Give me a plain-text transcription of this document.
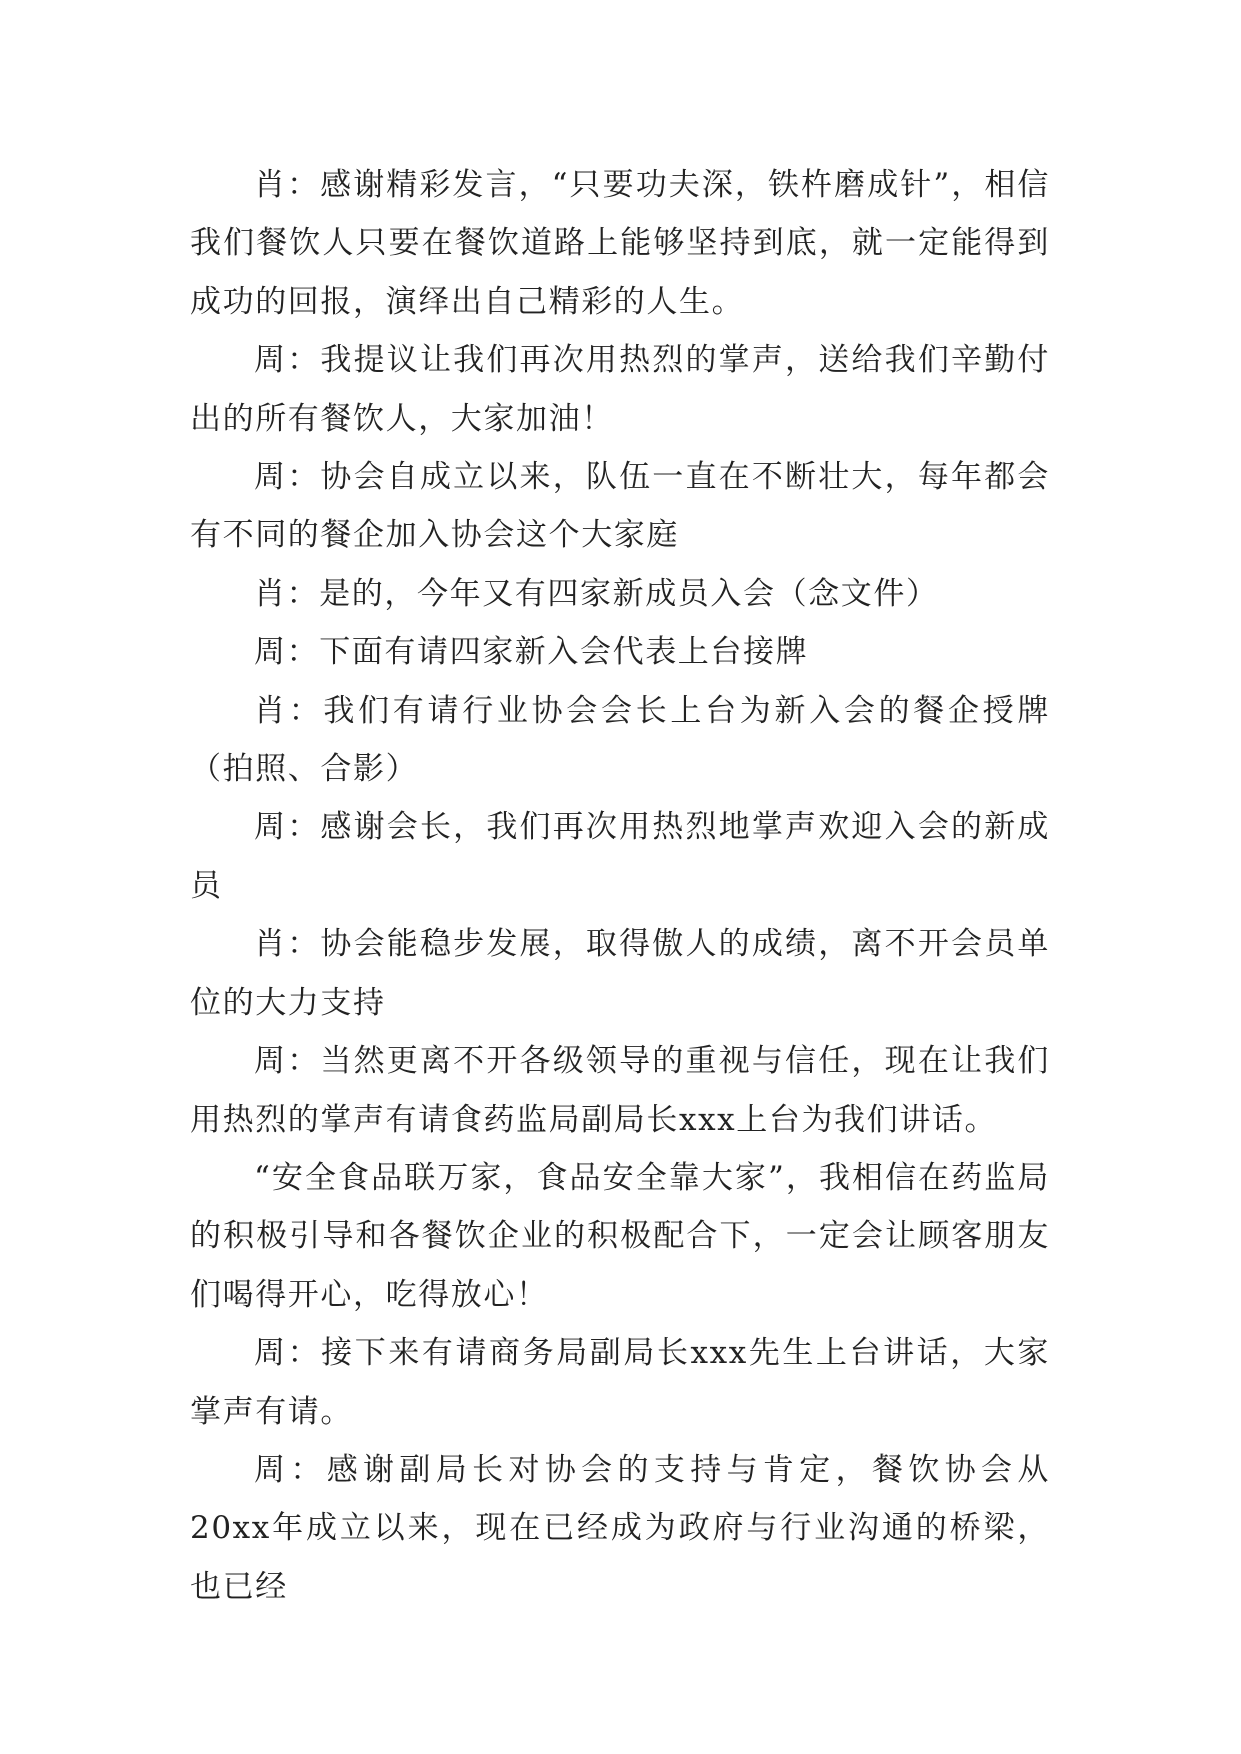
肖：感谢精彩发言，“只要功夫深，铁杵磨成针”，相信我们餐饮人只要在餐饮道路上能够坚持到底，就一定能得到成功的回报，演绎出自己精彩的人生。

周：我提议让我们再次用热烈的掌声，送给我们辛勤付出的所有餐饮人，大家加油！

周：协会自成立以来，队伍一直在不断壮大，每年都会有不同的餐企加入协会这个大家庭

肖：是的，今年又有四家新成员入会（念文件）

周：下面有请四家新入会代表上台接牌

肖：我们有请行业协会会长上台为新入会的餐企授牌（拍照、合影）

周：感谢会长，我们再次用热烈地掌声欢迎入会的新成员

肖：协会能稳步发展，取得傲人的成绩，离不开会员单位的大力支持

周：当然更离不开各级领导的重视与信任，现在让我们用热烈的掌声有请食药监局副局长xxx上台为我们讲话。

“安全食品联万家，食品安全靠大家”，我相信在药监局的积极引导和各餐饮企业的积极配合下，一定会让顾客朋友们喝得开心，吃得放心！

周：接下来有请商务局副局长xxx先生上台讲话，大家掌声有请。

周：感谢副局长对协会的支持与肯定，餐饮协会从20xx年成立以来，现在已经成为政府与行业沟通的桥梁，也已经
